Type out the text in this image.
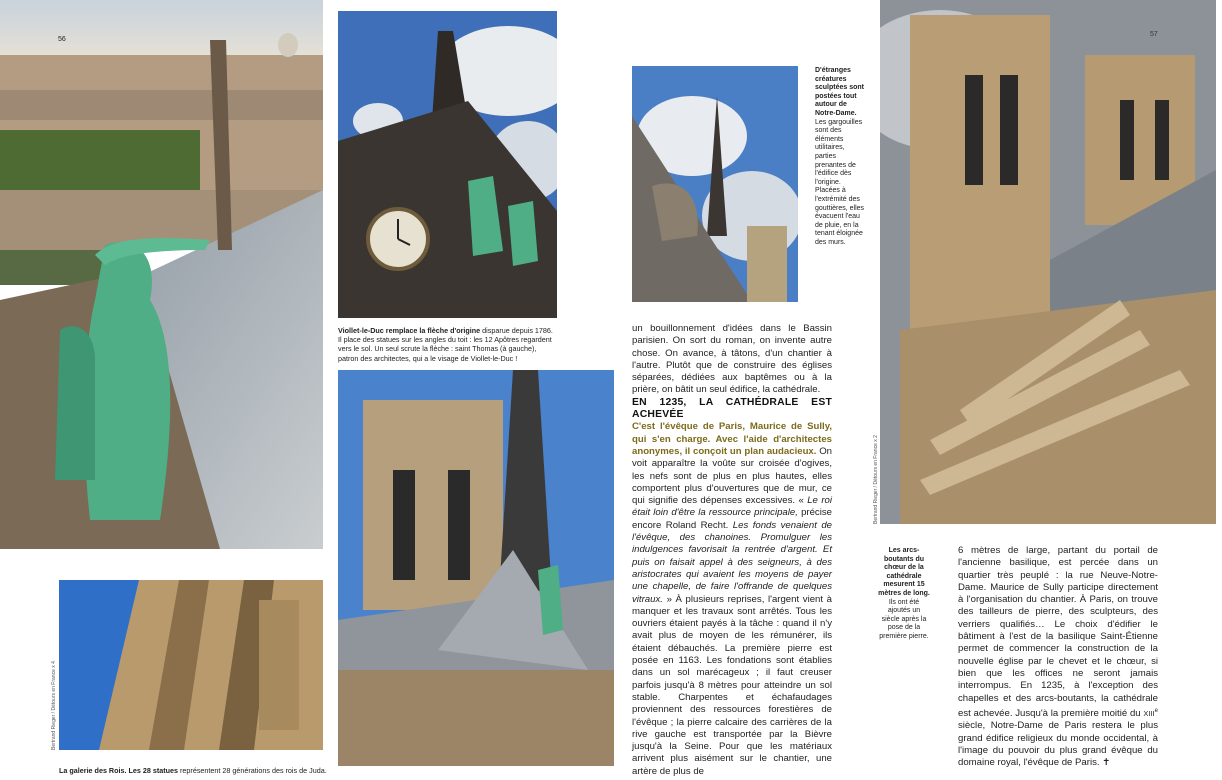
56
Viollet-le-Duc remplace la flèche d'origine disparue depuis 1786. Il place des statues sur les angles du toit : les 12 Apôtres regardent vers le sol. Un seul scrute la flèche : saint Thomas (à gauche), patron des architectes, qui a le visage de Viollet-le-Duc !
Bertrand Rieger / Détours en France x 4
La galerie des Rois. Les 28 statues représentent 28 générations des rois de Juda.
D'étranges créatures sculptées sont postées tout autour de Notre-Dame. Les gargouilles sont des éléments utilitaires, parties prenantes de l'édifice dès l'origine. Placées à l'extrémité des gouttières, elles évacuent l'eau de pluie, en la tenant éloignée des murs.

un bouillonnement d'idées dans le Bassin parisien. On sort du roman, on invente autre chose. On avance, à tâtons, d'un chantier à l'autre. Plutôt que de construire des églises séparées, dédiées aux baptêmes ou à la prière, on bâtit un seul édifice, la cathédrale.

EN 1235, LA CATHÉDRALE EST ACHEVÉE

C'est l'évêque de Paris, Maurice de Sully, qui s'en charge. Avec l'aide d'architectes anonymes, il conçoit un plan audacieux. On voit apparaître la voûte sur croisée d'ogives, les nefs sont de plus en plus hautes, elles comportent plus d'ouvertures que de mur, ce qui signifie des dépenses excessives. « Le roi était loin d'être la ressource principale, précise encore Roland Recht. Les fonds venaient de l'évêque, des chanoines. Promulguer les indulgences favorisait la rentrée d'argent. Et puis on faisait appel à des seigneurs, à des aristocrates qui avaient les moyens de payer une chapelle, de faire l'offrande de quelques vitraux. » À plusieurs reprises, l'argent vient à manquer et les travaux sont arrêtés. Tous les ouvriers étaient payés à la tâche : quand il n'y avait plus de moyen de les rémunérer, ils étaient débauchés. La première pierre est posée en 1163. Les fondations sont établies dans un sol marécageux ; il faut creuser parfois jusqu'à 8 mètres pour atteindre un sol stable. Charpentes et échafaudages proviennent des ressources forestières de l'évêque ; la pierre calcaire des carrières de la rive gauche est transportée par la Bièvre jusqu'à la Seine. Pour que les matériaux arrivent plus aisément sur le chantier, une artère de plus de

57
Bertrand Rieger / Détours en France x 2
Les arcs-boutants du chœur de la cathédrale mesurent 15 mètres de long. Ils ont été ajoutés un siècle après la pose de la première pierre.

6 mètres de large, partant du portail de l'ancienne basilique, est percée dans un quartier très peuplé : la rue Neuve-Notre-Dame. Maurice de Sully participe directement à l'organisation du chantier. À Paris, on trouve des tailleurs de pierre, des sculpteurs, des verriers qualifiés… Le choix d'édifier le bâtiment à l'est de la basilique Saint-Étienne permet de commencer la construction de la nouvelle église par le chevet et le chœur, si bien que les offices ne seront jamais interrompus. En 1235, à l'exception des chapelles et des arcs-boutants, la cathédrale est achevée. Jusqu'à la première moitié du XIIIe siècle, Notre-Dame de Paris restera le plus grand édifice religieux du monde occidental, à l'image du pouvoir du plus grand évêque du domaine royal, l'évêque de Paris. ✝
